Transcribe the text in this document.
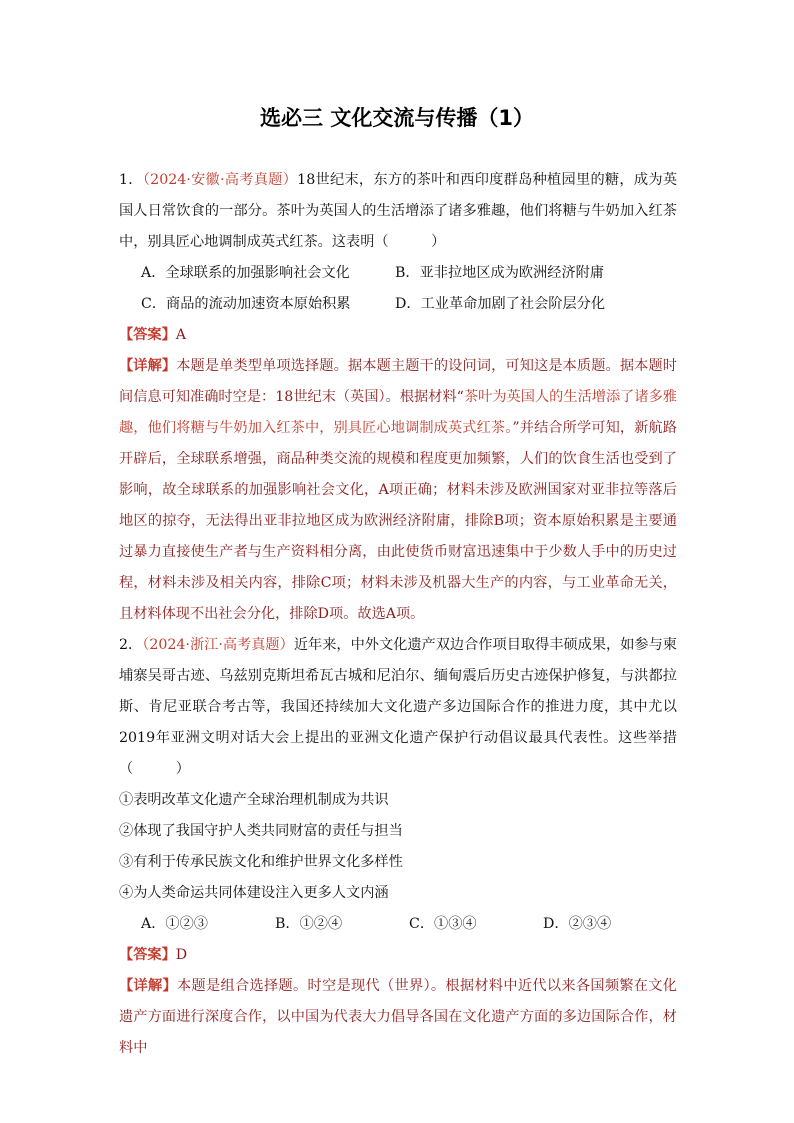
选必三 文化交流与传播（1）

1．（2024·安徽·高考真题）18世纪末，东方的茶叶和西印度群岛种植园里的糖，成为英国人日常饮食的一部分。茶叶为英国人的生活增添了诸多雅趣，他们将糖与牛奶加入红茶中，别具匠心地调制成英式红茶。这表明（　　　）

A．全球联系的加强影响社会文化	B．亚非拉地区成为欧洲经济附庸
C．商品的流动加速资本原始积累	D．工业革命加剧了社会阶层分化

【答案】A

【详解】本题是单类型单项选择题。据本题主题干的设问词，可知这是本质题。据本题时间信息可知准确时空是：18世纪末（英国）。根据材料“茶叶为英国人的生活增添了诸多雅趣，他们将糖与牛奶加入红茶中，别具匠心地调制成英式红茶。”并结合所学可知，新航路开辟后，全球联系增强，商品种类交流的规模和程度更加频繁，人们的饮食生活也受到了影响，故全球联系的加强影响社会文化，A项正确；材料未涉及欧洲国家对亚非拉等落后地区的掠夺，无法得出亚非拉地区成为欧洲经济附庸，排除B项；资本原始积累是主要通过暴力直接使生产者与生产资料相分离，由此使货币财富迅速集中于少数人手中的历史过程，材料未涉及相关内容，排除C项；材料未涉及机器大生产的内容，与工业革命无关，且材料体现不出社会分化，排除D项。故选A项。

2．（2024·浙江·高考真题）近年来，中外文化遗产双边合作项目取得丰硕成果，如参与柬埔寨吴哥古迹、乌兹别克斯坦希瓦古城和尼泊尔、缅甸震后历史古迹保护修复，与洪都拉斯、肯尼亚联合考古等，我国还持续加大文化遗产多边国际合作的推进力度，其中尤以2019年亚洲文明对话大会上提出的亚洲文化遗产保护行动倡议最具代表性。这些举措（　　　）

①表明改革文化遗产全球治理机制成为共识
②体现了我国守护人类共同财富的责任与担当
③有利于传承民族文化和维护世界文化多样性
④为人类命运共同体建设注入更多人文内涵
A．①②③	B．①②④	C．①③④	D．②③④

【答案】D

【详解】本题是组合选择题。时空是现代（世界）。根据材料中近代以来各国频繁在文化遗产方面进行深度合作，以中国为代表大力倡导各国在文化遗产方面的多边国际合作，材料中
